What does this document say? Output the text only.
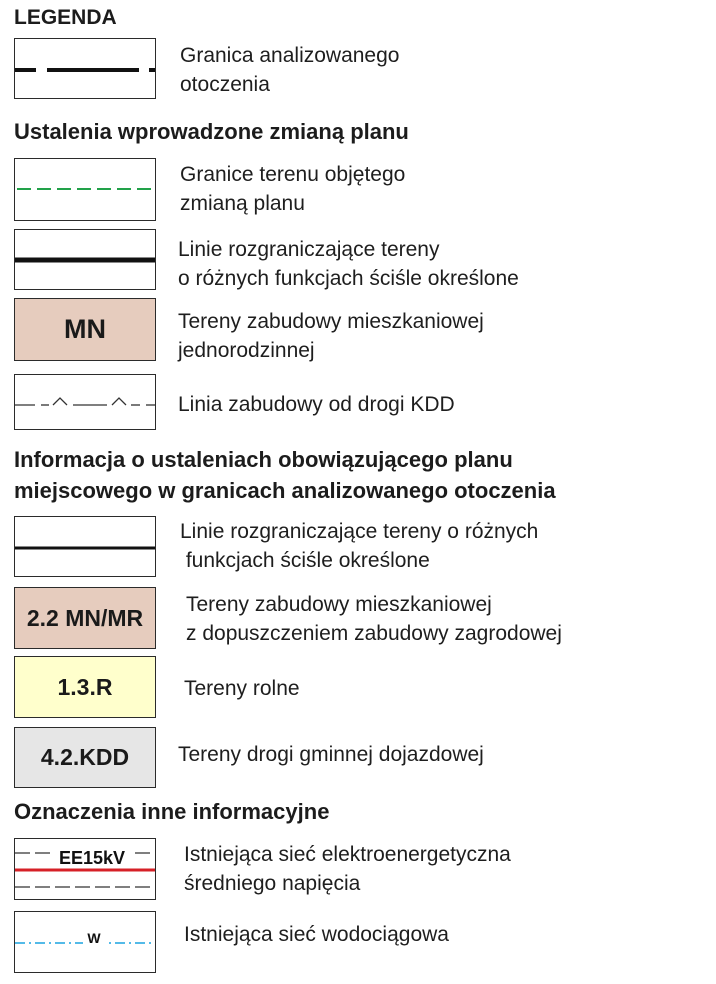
LEGENDA
Granica analizowanego
otoczenia
Ustalenia wprowadzone zmianą planu
Granice terenu objętego
zmianą planu
Linie rozgraniczające tereny
o różnych funkcjach ściśle określone
MN	Tereny zabudowy mieszkaniowej
jednorodzinnej
Linia zabudowy od drogi KDD
Informacja o ustaleniach obowiązującego planu
miejscowego w granicach analizowanego otoczenia
Linie rozgraniczające tereny o różnych
funkcjach ściśle określone
2.2 MN/MR Tereny zabudowy mieszkaniowej
z dopuszczeniem zabudowy zagrodowej
1.3.R	Tereny rolne
4.2.KDD Tereny drogi gminnej dojazdowej
Oznaczenia inne informacyjne
EE15kV	Istniejąca sieć elektroenergetyczna
średniego napięcia
W	Istniejąca sieć wodociągowa
